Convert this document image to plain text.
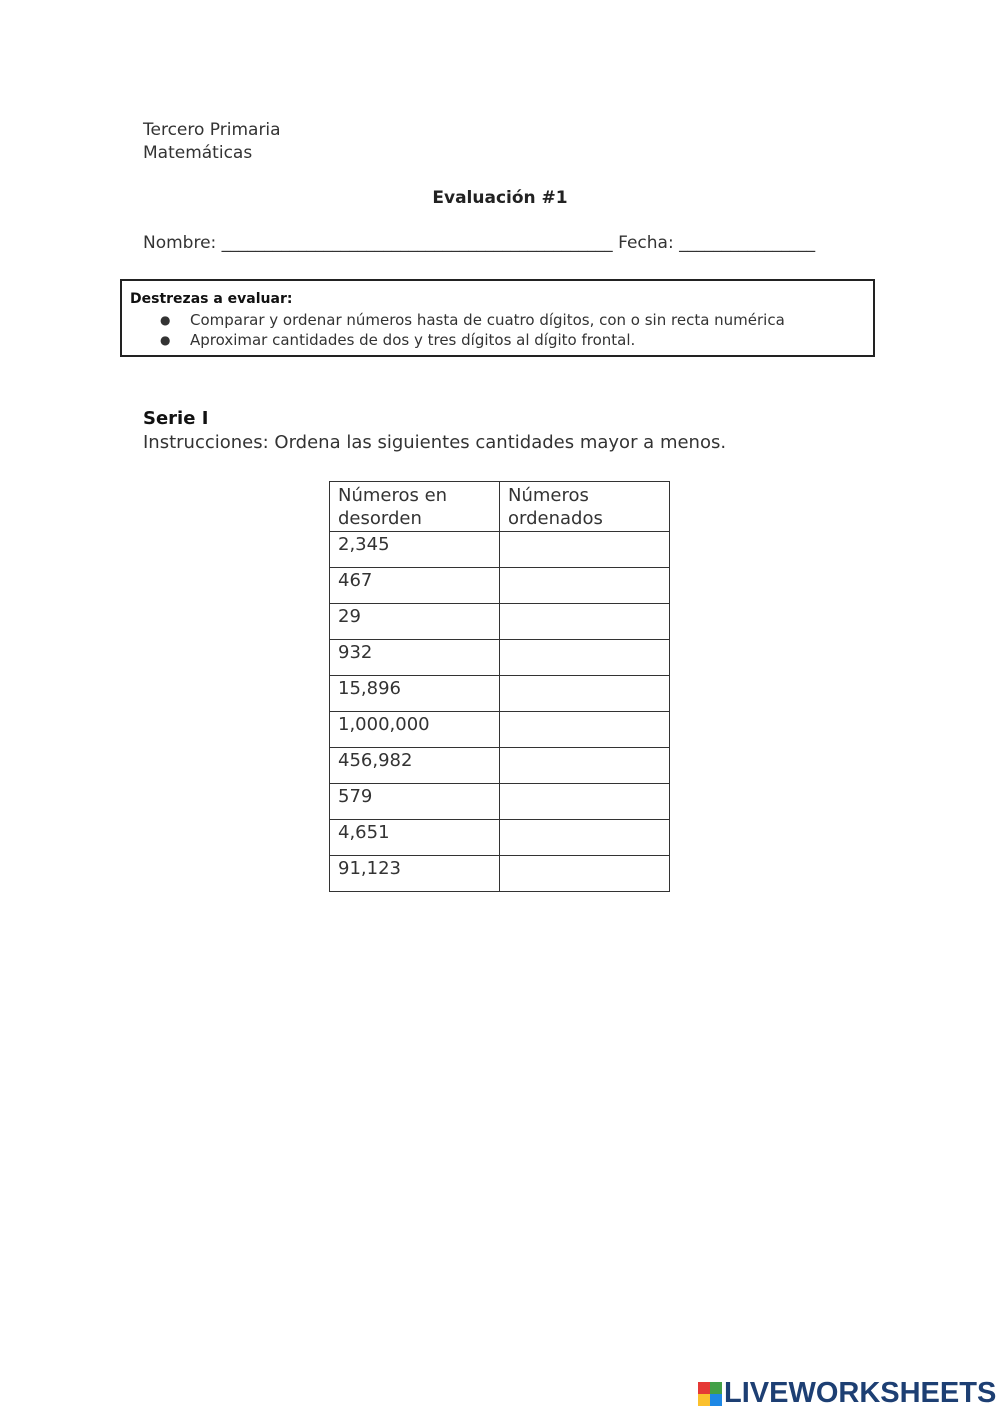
Tercero Primaria
Matemáticas
Evaluación #1
Nombre: ______________________________________________ Fecha: ________________
Destrezas a evaluar:
● Comparar y ordenar números hasta de cuatro dígitos, con o sin recta numérica
● Aproximar cantidades de dos y tres dígitos al dígito frontal.
Serie I
Instrucciones: Ordena las siguientes cantidades mayor a menos.
Números en desorden	Números ordenados
2,345	
467	
29	
932	
15,896	
1,000,000	
456,982	
579	
4,651	
91,123	
LIVEWORKSHEETS
